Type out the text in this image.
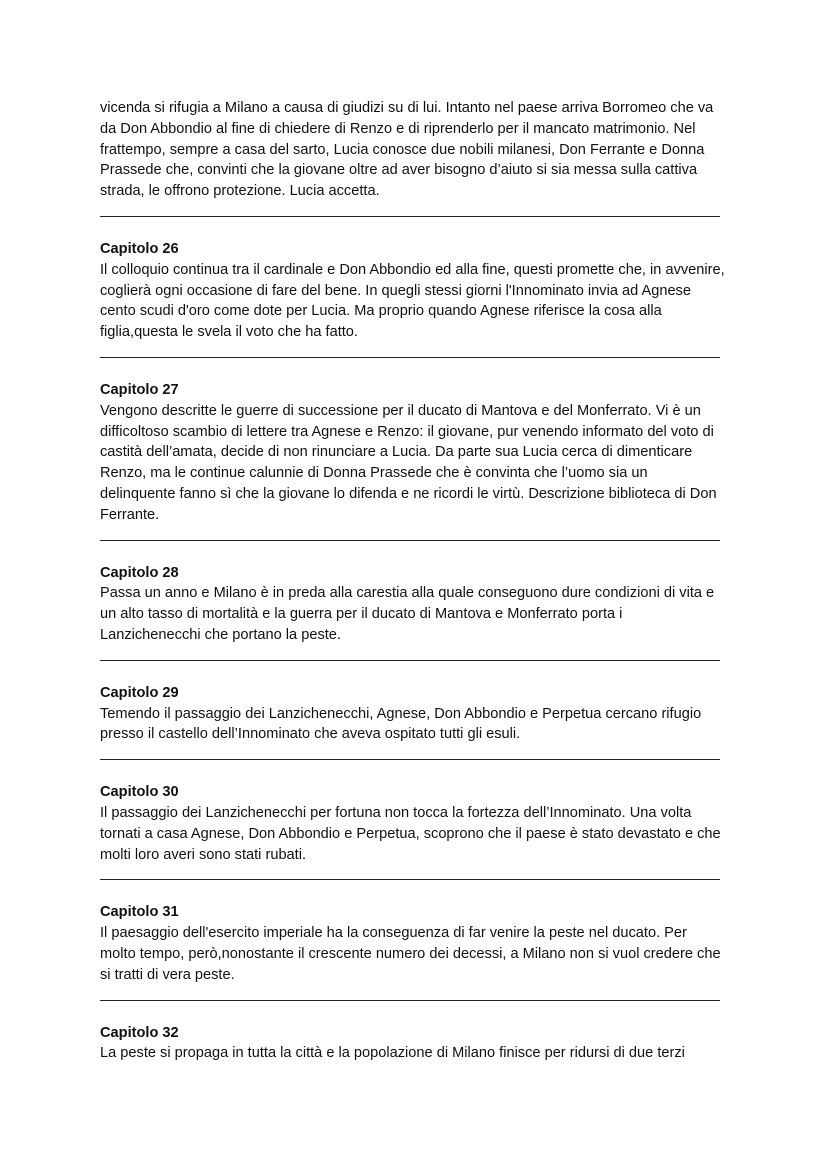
vicenda si rifugia a Milano a causa di giudizi su di lui. Intanto nel paese arriva Borromeo che va da Don Abbondio al fine di chiedere di Renzo e di riprenderlo per il mancato matrimonio. Nel frattempo, sempre a casa del sarto, Lucia conosce due nobili milanesi, Don Ferrante e Donna Prassede che, convinti che la giovane oltre ad aver bisogno d’aiuto si sia messa sulla cattiva strada, le offrono protezione. Lucia accetta.

Capitolo 26

Il colloquio continua tra il cardinale e Don Abbondio ed alla fine, questi promette che, in avvenire, coglierà ogni occasione di fare del bene. In quegli stessi giorni l'Innominato invia ad Agnese cento scudi d'oro come dote per Lucia. Ma proprio quando Agnese riferisce la cosa alla figlia,questa le svela il voto che ha fatto.

Capitolo 27

Vengono descritte le guerre di successione per il ducato di Mantova e del Monferrato. Vi è un difficoltoso scambio di lettere tra Agnese e Renzo: il giovane, pur venendo informato del voto di castità dell’amata, decide di non rinunciare a Lucia. Da parte sua Lucia cerca di dimenticare Renzo, ma le continue calunnie di Donna Prassede che è convinta che l’uomo sia un delinquente fanno sì che la giovane lo difenda e ne ricordi le virtù. Descrizione biblioteca di Don Ferrante.

Capitolo 28

Passa un anno e Milano è in preda alla carestia alla quale conseguono dure condizioni di vita e un alto tasso di mortalità e la guerra per il ducato di Mantova e Monferrato porta i Lanzichenecchi che portano la peste.

Capitolo 29

Temendo il passaggio dei Lanzichenecchi, Agnese, Don Abbondio e Perpetua cercano rifugio presso il castello dell’Innominato che aveva ospitato tutti gli esuli.

Capitolo 30

Il passaggio dei Lanzichenecchi per fortuna non tocca la fortezza dell’Innominato. Una volta tornati a casa Agnese, Don Abbondio e Perpetua, scoprono che il paese è stato devastato e che molti loro averi sono stati rubati.

Capitolo 31

Il paesaggio dell'esercito imperiale ha la conseguenza di far venire la peste nel ducato. Per molto tempo, però,nonostante il crescente numero dei decessi, a Milano non si vuol credere che si tratti di vera peste.

Capitolo 32

La peste si propaga in tutta la città e la popolazione di Milano finisce per ridursi di due terzi
